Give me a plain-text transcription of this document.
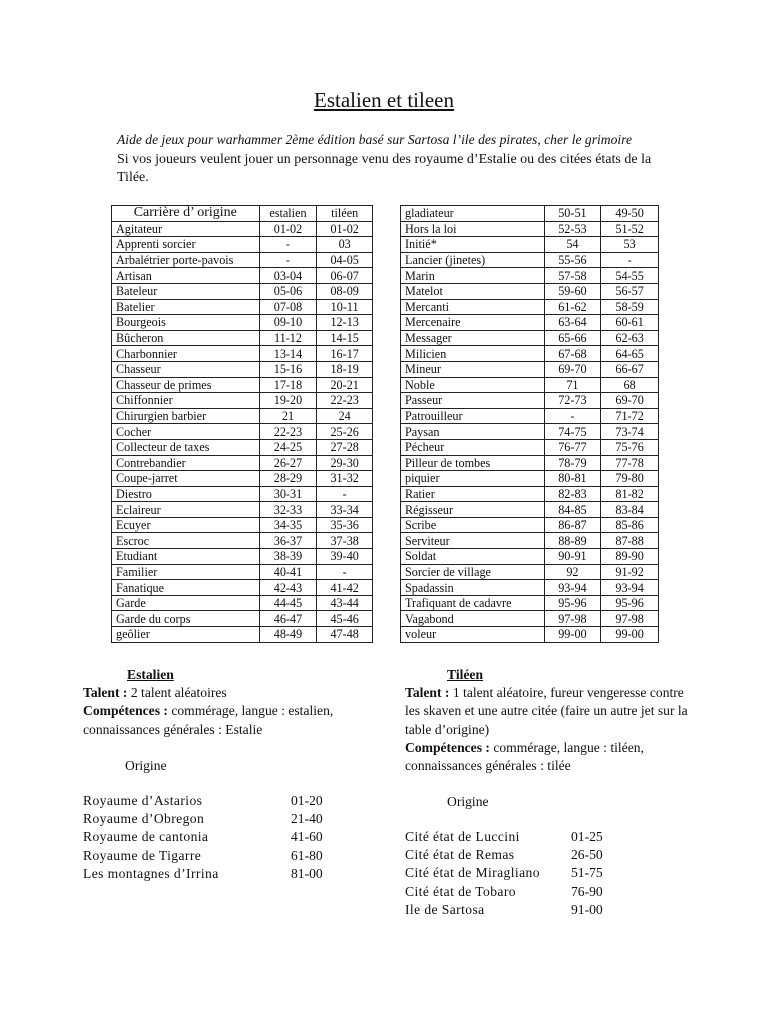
Estalien et tileen
Aide de jeux pour warhammer 2ème édition basé sur Sartosa l’ile des pirates, cher le grimoire
Si vos joueurs veulent jouer un personnage venu des royaume d’Estalie ou des citées états de la Tilée.
Carrière d’ origine	estalien	tiléen
Agitateur	01-02	01-02
Apprenti sorcier	-	03
Arbalétrier porte-pavois	-	04-05
Artisan	03-04	06-07
Bateleur	05-06	08-09
Batelier	07-08	10-11
Bourgeois	09-10	12-13
Bûcheron	11-12	14-15
Charbonnier	13-14	16-17
Chasseur	15-16	18-19
Chasseur de primes	17-18	20-21
Chiffonnier	19-20	22-23
Chirurgien barbier	21	24
Cocher	22-23	25-26
Collecteur de taxes	24-25	27-28
Contrebandier	26-27	29-30
Coupe-jarret	28-29	31-32
Diestro	30-31	-
Eclaireur	32-33	33-34
Ecuyer	34-35	35-36
Escroc	36-37	37-38
Etudiant	38-39	39-40
Familier	40-41	-
Fanatique	42-43	41-42
Garde	44-45	43-44
Garde du corps	46-47	45-46
geôlier	48-49	47-48
gladiateur	50-51	49-50
Hors la loi	52-53	51-52
Initié*	54	53
Lancier (jinetes)	55-56	-
Marin	57-58	54-55
Matelot	59-60	56-57
Mercanti	61-62	58-59
Mercenaire	63-64	60-61
Messager	65-66	62-63
Milicien	67-68	64-65
Mineur	69-70	66-67
Noble	71	68
Passeur	72-73	69-70
Patrouilleur	-	71-72
Paysan	74-75	73-74
Pécheur	76-77	75-76
Pilleur de tombes	78-79	77-78
piquier	80-81	79-80
Ratier	82-83	81-82
Régisseur	84-85	83-84
Scribe	86-87	85-86
Serviteur	88-89	87-88
Soldat	90-91	89-90
Sorcier de village	92	91-92
Spadassin	93-94	93-94
Trafiquant de cadavre	95-96	95-96
Vagabond	97-98	97-98
voleur	99-00	99-00
Estalien
Talent : 2 talent aléatoires
Compétences : commérage, langue : estalien, connaissances générales : Estalie
Origine
Royaume d’Astarios	01-20
Royaume d’Obregon	21-40
Royaume de cantonia	41-60
Royaume de Tigarre	61-80
Les montagnes d’Irrina	81-00
Tiléen
Talent : 1 talent aléatoire, fureur vengeresse contre les skaven et une autre citée (faire un autre jet sur la table d’origine)
Compétences : commérage, langue : tiléen, connaissances générales : tilée
Origine
Cité état de Luccini	01-25
Cité état de Remas	26-50
Cité état de Miragliano 51-75
Cité état de Tobaro	76-90
Ile de Sartosa	91-00
